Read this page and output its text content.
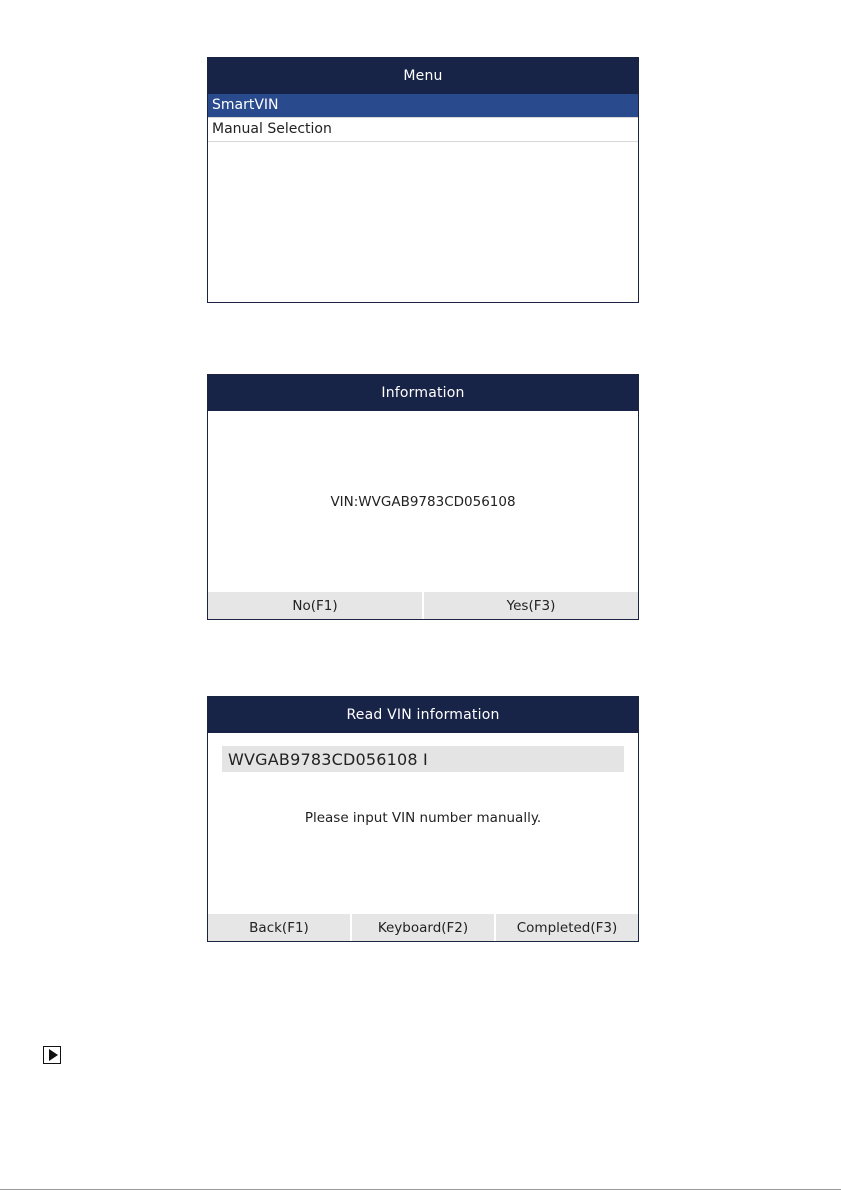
Menu
SmartVIN
Manual Selection
Information
VIN:WVGAB9783CD056108
No(F1)	Yes(F3)
Read VIN information
WVGAB9783CD056108 I
Please input VIN number manually.
Back(F1)	Keyboard(F2)	Completed(F3)
